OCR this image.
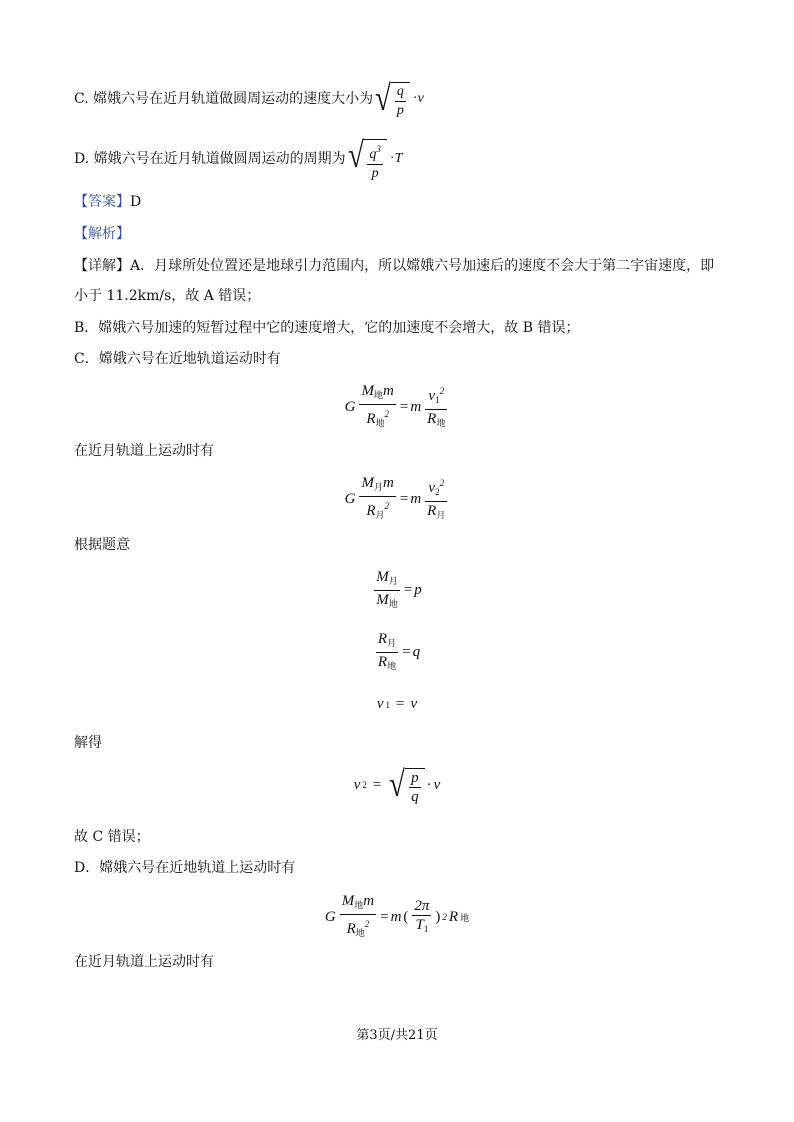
C. 嫦娥六号在近月轨道做圆周运动的速度大小为 √ $\frac{q}{p} \cdot v$
D. 嫦娥六号在近月轨道做圆周运动的周期为 √ $\frac{q^3}{p} \cdot T$
【答案】D
【解析】
【详解】A．月球所处位置还是地球引力范围内，所以嫦娥六号加速后的速度不会大于第二宇宙速度，即
小于 11.2km/s，故 A 错误；
B．嫦娥六号加速的短暂过程中它的速度增大，它的加速度不会增大，故 B 错误；
C．嫦娥六号在近地轨道运动时有
G $\frac{M_地m}{R_地^2} = m \frac{v_1^2}{R_地}$
在近月轨道上运动时有
G $\frac{M_月m}{R_月^2} = m \frac{v_2^2}{R_月}$
根据题意
$\frac{M_月}{M_地} = p$
$\frac{R_月}{R_地} = q$
v 1 = v
解得
v 2 = √ $\frac{p}{q} \cdot v$
故 C 错误；
D．嫦娥六号在近地轨道上运动时有
G $\frac{M_地m}{R_地^2} = m$ ( $\frac{2\pi}{T_1}$ ) 2 R 地
在近月轨道上运动时有
第3页/共21页
